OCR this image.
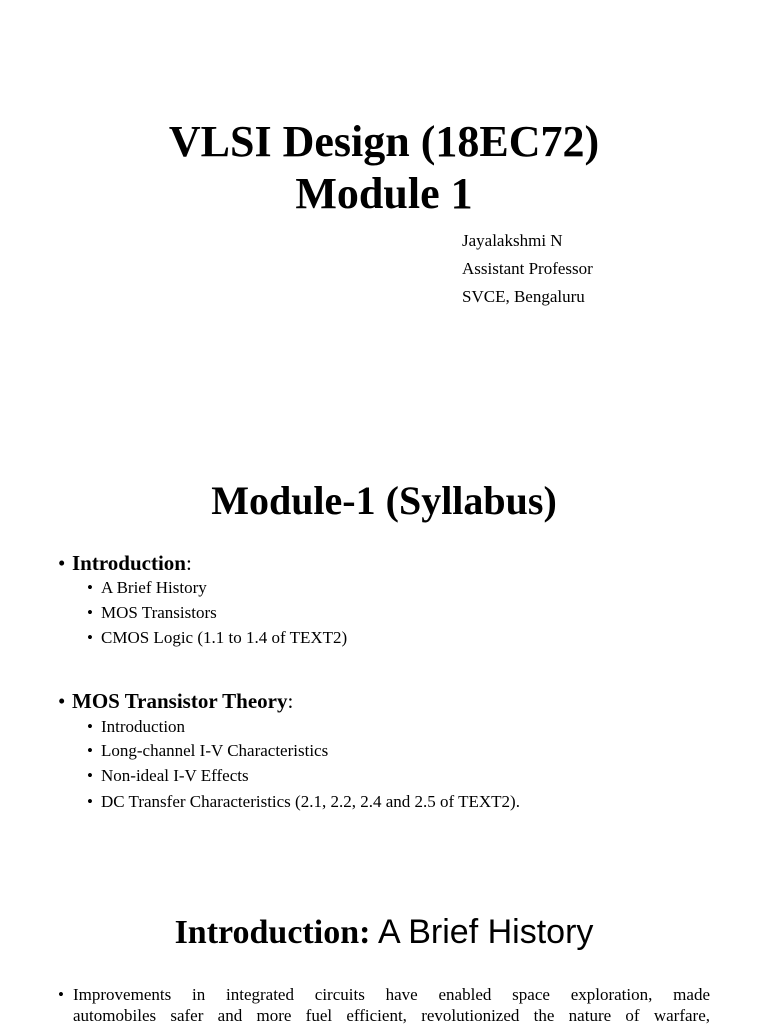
VLSI Design (18EC72)
Module 1
Jayalakshmi N
Assistant Professor
SVCE, Bengaluru
Module-1 (Syllabus)
• Introduction:
• A Brief History
• MOS Transistors
• CMOS Logic (1.1 to 1.4 of TEXT2)
• MOS Transistor Theory:
• Introduction
• Long-channel I-V Characteristics
• Non-ideal I-V Effects
• DC Transfer Characteristics (2.1, 2.2, 2.4 and 2.5 of TEXT2).
Introduction: A Brief History
• Improvements in integrated circuits have enabled space exploration, made
automobiles safer and more fuel efficient, revolutionized the nature of warfare,
